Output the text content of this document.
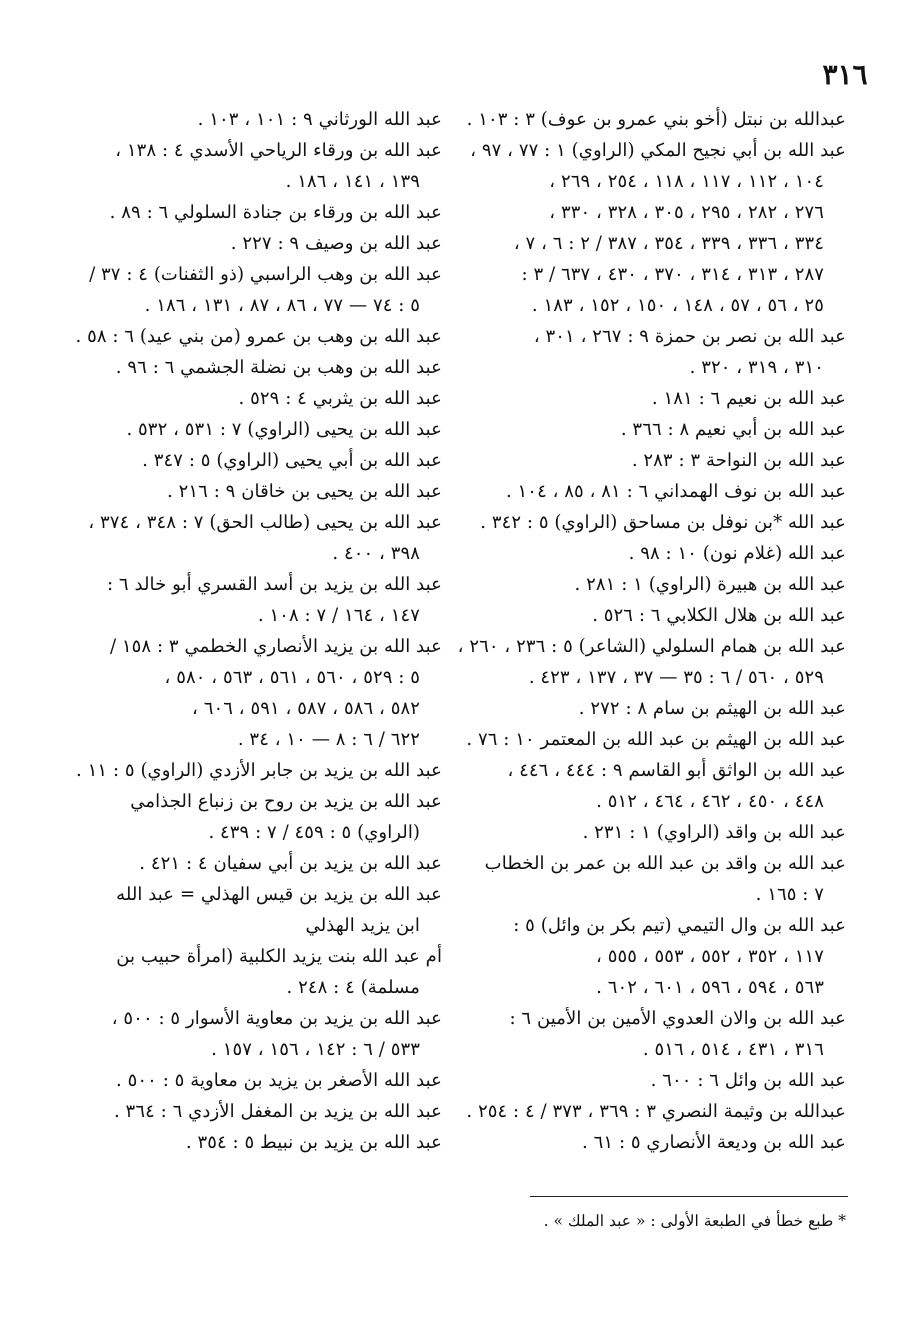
٣١٦
عبدالله بن نبتل (أخو بني عمرو بن عوف) ٣ : ١٠٣ .
عبد الله بن أبي نجيح المكي (الراوي) ١ : ٧٧ ، ٩٧ ،
١٠٤ ، ١١٢ ، ١١٧ ، ١١٨ ، ٢٥٤ ، ٢٦٩ ،
٢٧٦ ، ٢٨٢ ، ٢٩٥ ، ٣٠٥ ، ٣٢٨ ، ٣٣٠ ،
٣٣٤ ، ٣٣٦ ، ٣٣٩ ، ٣٥٤ ، ٣٨٧ / ٢ : ٦ ، ٧ ،
٢٨٧ ، ٣١٣ ، ٣١٤ ، ٣٧٠ ، ٤٣٠ ، ٦٣٧ / ٣ :
٢٥ ، ٥٦ ، ٥٧ ، ١٤٨ ، ١٥٠ ، ١٥٢ ، ١٨٣ .
عبد الله بن نصر بن حمزة ٩ : ٢٦٧ ، ٣٠١ ،
٣١٠ ، ٣١٩ ، ٣٢٠ .
عبد الله بن نعيم ٦ : ١٨١ .
عبد الله بن أبي نعيم ٨ : ٣٦٦ .
عبد الله بن النواحة ٣ : ٢٨٣ .
عبد الله بن نوف الهمداني ٦ : ٨١ ، ٨٥ ، ١٠٤ .
عبد الله *بن نوفل بن مساحق (الراوي) ٥ : ٣٤٢ .
عبد الله (غلام نون) ١٠ : ٩٨ .
عبد الله بن هبيرة (الراوي) ١ : ٢٨١ .
عبد الله بن هلال الكلابي ٦ : ٥٢٦ .
عبد الله بن همام السلولي (الشاعر) ٥ : ٢٣٦ ، ٢٦٠ ،
٥٢٩ ، ٥٦٠ / ٦ : ٣٥ — ٣٧ ، ١٣٧ ، ٤٢٣ .
عبد الله بن الهيثم بن سام ٨ : ٢٧٢ .
عبد الله بن الهيثم بن عبد الله بن المعتمر ١٠ : ٧٦ .
عبد الله بن الواثق أبو القاسم ٩ : ٤٤٤ ، ٤٤٦ ،
٤٤٨ ، ٤٥٠ ، ٤٦٢ ، ٤٦٤ ، ٥١٢ .
عبد الله بن واقد (الراوي) ١ : ٢٣١ .
عبد الله بن واقد بن عبد الله بن عمر بن الخطاب
٧ : ١٦٥ .
عبد الله بن وال التيمي (تيم بكر بن وائل) ٥ :
١١٧ ، ٣٥٢ ، ٥٥٢ ، ٥٥٣ ، ٥٥٥ ،
٥٦٣ ، ٥٩٤ ، ٥٩٦ ، ٦٠١ ، ٦٠٢ .
عبد الله بن والان العدوي الأمين بن الأمين ٦ :
٣١٦ ، ٤٣١ ، ٥١٤ ، ٥١٦ .
عبد الله بن وائل ٦ : ٦٠٠ .
عبدالله بن وثيمة النصري ٣ : ٣٦٩ ، ٣٧٣ / ٤ : ٢٥٤ .
عبد الله بن وديعة الأنصاري ٥ : ٦١ .
عبد الله الورثاني ٩ : ١٠١ ، ١٠٣ .
عبد الله بن ورقاء الرياحي الأسدي ٤ : ١٣٨ ،
١٣٩ ، ١٤١ ، ١٨٦ .
عبد الله بن ورقاء بن جنادة السلولي ٦ : ٨٩ .
عبد الله بن وصيف ٩ : ٢٢٧ .
عبد الله بن وهب الراسبي (ذو الثفنات) ٤ : ٣٧ /
٥ : ٧٤ — ٧٧ ، ٨٦ ، ٨٧ ، ١٣١ ، ١٨٦ .
عبد الله بن وهب بن عمرو (من بني عيد) ٦ : ٥٨ .
عبد الله بن وهب بن نضلة الجشمي ٦ : ٩٦ .
عبد الله بن يثربي ٤ : ٥٢٩ .
عبد الله بن يحيى (الراوي) ٧ : ٥٣١ ، ٥٣٢ .
عبد الله بن أبي يحيى (الراوي) ٥ : ٣٤٧ .
عبد الله بن يحيى بن خاقان ٩ : ٢١٦ .
عبد الله بن يحيى (طالب الحق) ٧ : ٣٤٨ ، ٣٧٤ ،
٣٩٨ ، ٤٠٠ .
عبد الله بن يزيد بن أسد القسري أبو خالد ٦ :
١٤٧ ، ١٦٤ / ٧ : ١٠٨ .
عبد الله بن يزيد الأنصاري الخطمي ٣ : ١٥٨ /
٥ : ٥٢٩ ، ٥٦٠ ، ٥٦١ ، ٥٦٣ ، ٥٨٠ ،
٥٨٢ ، ٥٨٦ ، ٥٨٧ ، ٥٩١ ، ٦٠٦ ،
٦٢٢ / ٦ : ٨ — ١٠ ، ٣٤ .
عبد الله بن يزيد بن جابر الأزدي (الراوي) ٥ : ١١ .
عبد الله بن يزيد بن روح بن زنباع الجذامي
(الراوي) ٥ : ٤٥٩ / ٧ : ٤٣٩ .
عبد الله بن يزيد بن أبي سفيان ٤ : ٤٢١ .
عبد الله بن يزيد بن قيس الهذلي = عبد الله
ابن يزيد الهذلي
أم عبد الله بنت يزيد الكلبية (امرأة حبيب بن
مسلمة) ٤ : ٢٤٨ .
عبد الله بن يزيد بن معاوية الأسوار ٥ : ٥٠٠ ،
٥٣٣ / ٦ : ١٤٢ ، ١٥٦ ، ١٥٧ .
عبد الله الأصغر بن يزيد بن معاوية ٥ : ٥٠٠ .
عبد الله بن يزيد بن المغفل الأزدي ٦ : ٣٦٤ .
عبد الله بن يزيد بن نبيط ٥ : ٣٥٤ .
* طبع خطأ في الطبعة الأولى : « عبد الملك » .
